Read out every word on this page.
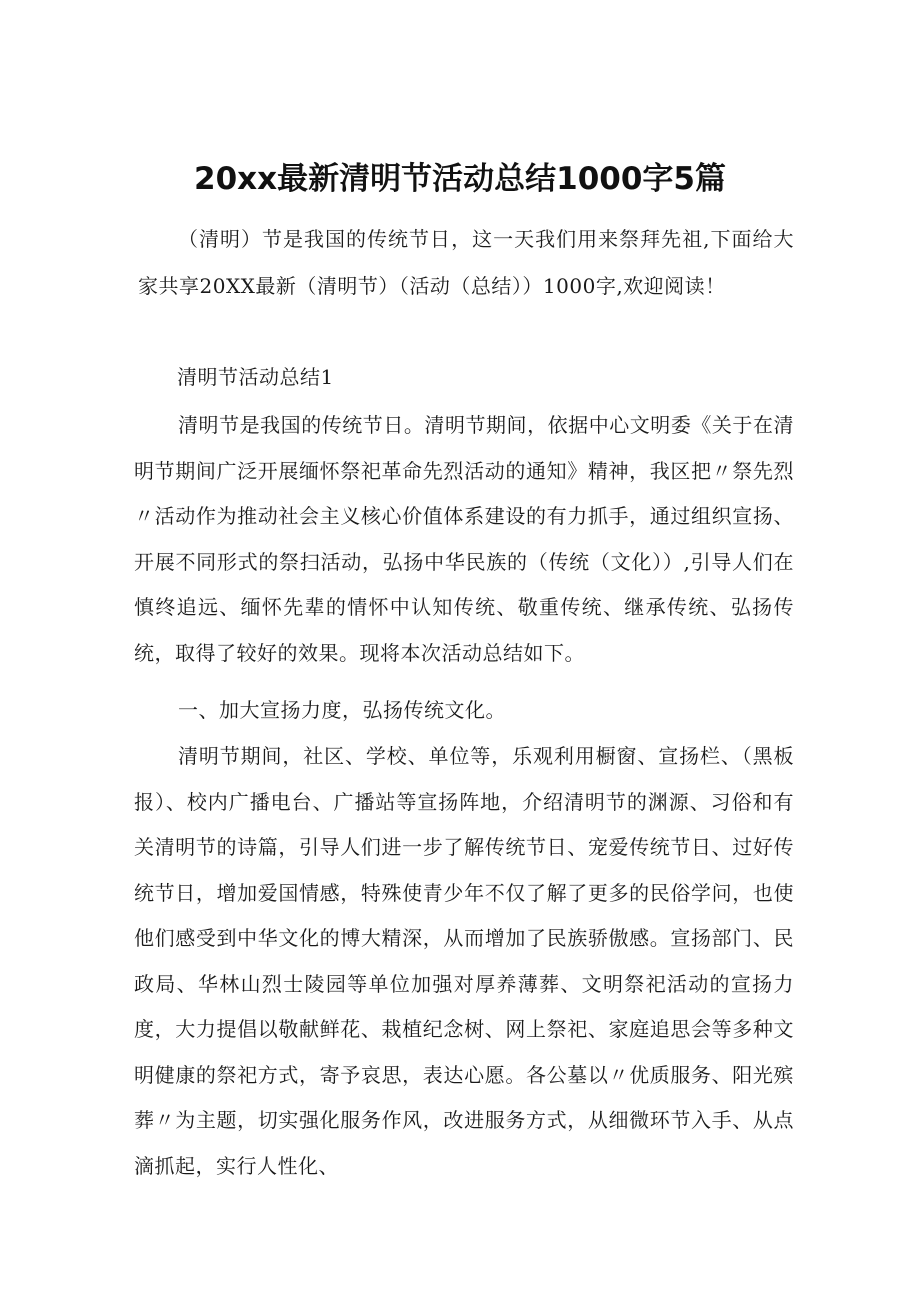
20xx最新清明节活动总结1000字5篇

（清明）节是我国的传统节日，这一天我们用来祭拜先祖,下面给大家共享20XX最新（清明节）（活动（总结））1000字,欢迎阅读！

清明节活动总结1

清明节是我国的传统节日。清明节期间，依据中心文明委《关于在清明节期间广泛开展缅怀祭祀革命先烈活动的通知》精神，我区把〃祭先烈〃活动作为推动社会主义核心价值体系建设的有力抓手，通过组织宣扬、开展不同形式的祭扫活动，弘扬中华民族的（传统（文化））,引导人们在慎终追远、缅怀先辈的情怀中认知传统、敬重传统、继承传统、弘扬传统，取得了较好的效果。现将本次活动总结如下。

一、加大宣扬力度，弘扬传统文化。

清明节期间，社区、学校、单位等，乐观利用橱窗、宣扬栏、（黑板报）、校内广播电台、广播站等宣扬阵地，介绍清明节的渊源、习俗和有关清明节的诗篇，引导人们进一步了解传统节日、宠爱传统节日、过好传统节日，增加爱国情感，特殊使青少年不仅了解了更多的民俗学问，也使他们感受到中华文化的博大精深，从而增加了民族骄傲感。宣扬部门、民政局、华林山烈士陵园等单位加强对厚养薄葬、文明祭祀活动的宣扬力度，大力提倡以敬献鲜花、栽植纪念树、网上祭祀、家庭追思会等多种文明健康的祭祀方式，寄予哀思，表达心愿。各公墓以〃优质服务、阳光殡葬〃为主题，切实强化服务作风，改进服务方式，从细微环节入手、从点滴抓起，实行人性化、
